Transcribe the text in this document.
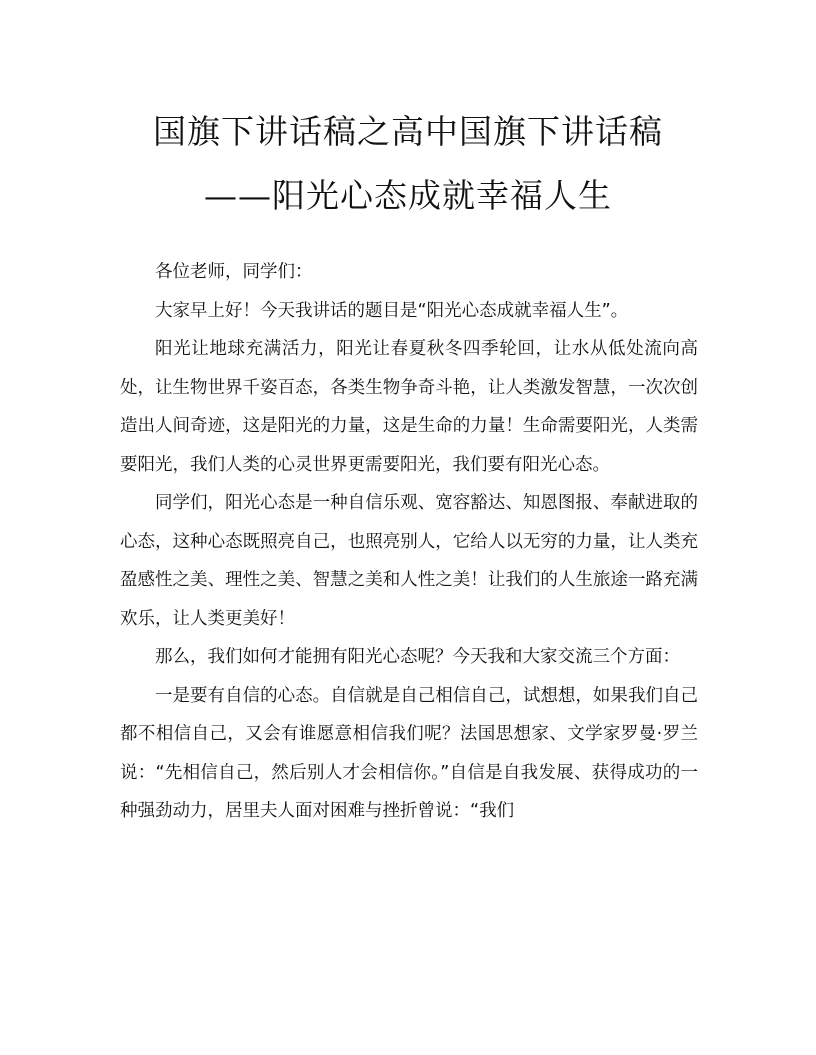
国旗下讲话稿之高中国旗下讲话稿
——阳光心态成就幸福人生

各位老师，同学们：

大家早上好！今天我讲话的题目是“阳光心态成就幸福人生”。

阳光让地球充满活力，阳光让春夏秋冬四季轮回，让水从低处流向高处，让生物世界千姿百态，各类生物争奇斗艳，让人类激发智慧，一次次创造出人间奇迹，这是阳光的力量，这是生命的力量！生命需要阳光，人类需要阳光，我们人类的心灵世界更需要阳光，我们要有阳光心态。

同学们，阳光心态是一种自信乐观、宽容豁达、知恩图报、奉献进取的心态，这种心态既照亮自己，也照亮别人，它给人以无穷的力量，让人类充盈感性之美、理性之美、智慧之美和人性之美！让我们的人生旅途一路充满欢乐，让人类更美好！

那么，我们如何才能拥有阳光心态呢？今天我和大家交流三个方面：

一是要有自信的心态。自信就是自己相信自己，试想想，如果我们自己都不相信自己，又会有谁愿意相信我们呢？法国思想家、文学家罗曼·罗兰说：“先相信自己，然后别人才会相信你。”自信是自我发展、获得成功的一种强劲动力，居里夫人面对困难与挫折曾说：“我们
